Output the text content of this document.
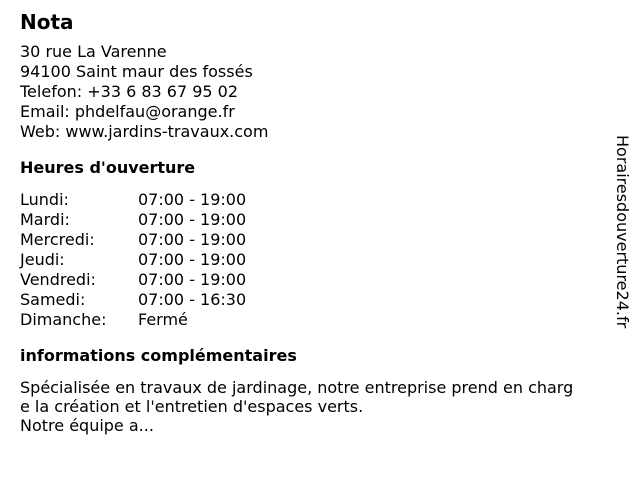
Nota
30 rue La Varenne
94100 Saint maur des fossés
Telefon: +33 6 83 67 95 02
Email: phdelfau@orange.fr
Web: www.jardins-travaux.com
Heures d'ouverture
Lundi:	07:00 - 19:00
Mardi:	07:00 - 19:00
Mercredi:	07:00 - 19:00
Jeudi:	07:00 - 19:00
Vendredi:	07:00 - 19:00
Samedi:	07:00 - 16:30
Dimanche:	Fermé
informations complémentaires
Spécialisée en travaux de jardinage, notre entreprise prend en charg
e la création et l'entretien d'espaces verts.
Notre équipe a...
Horairesdouverture24.fr
